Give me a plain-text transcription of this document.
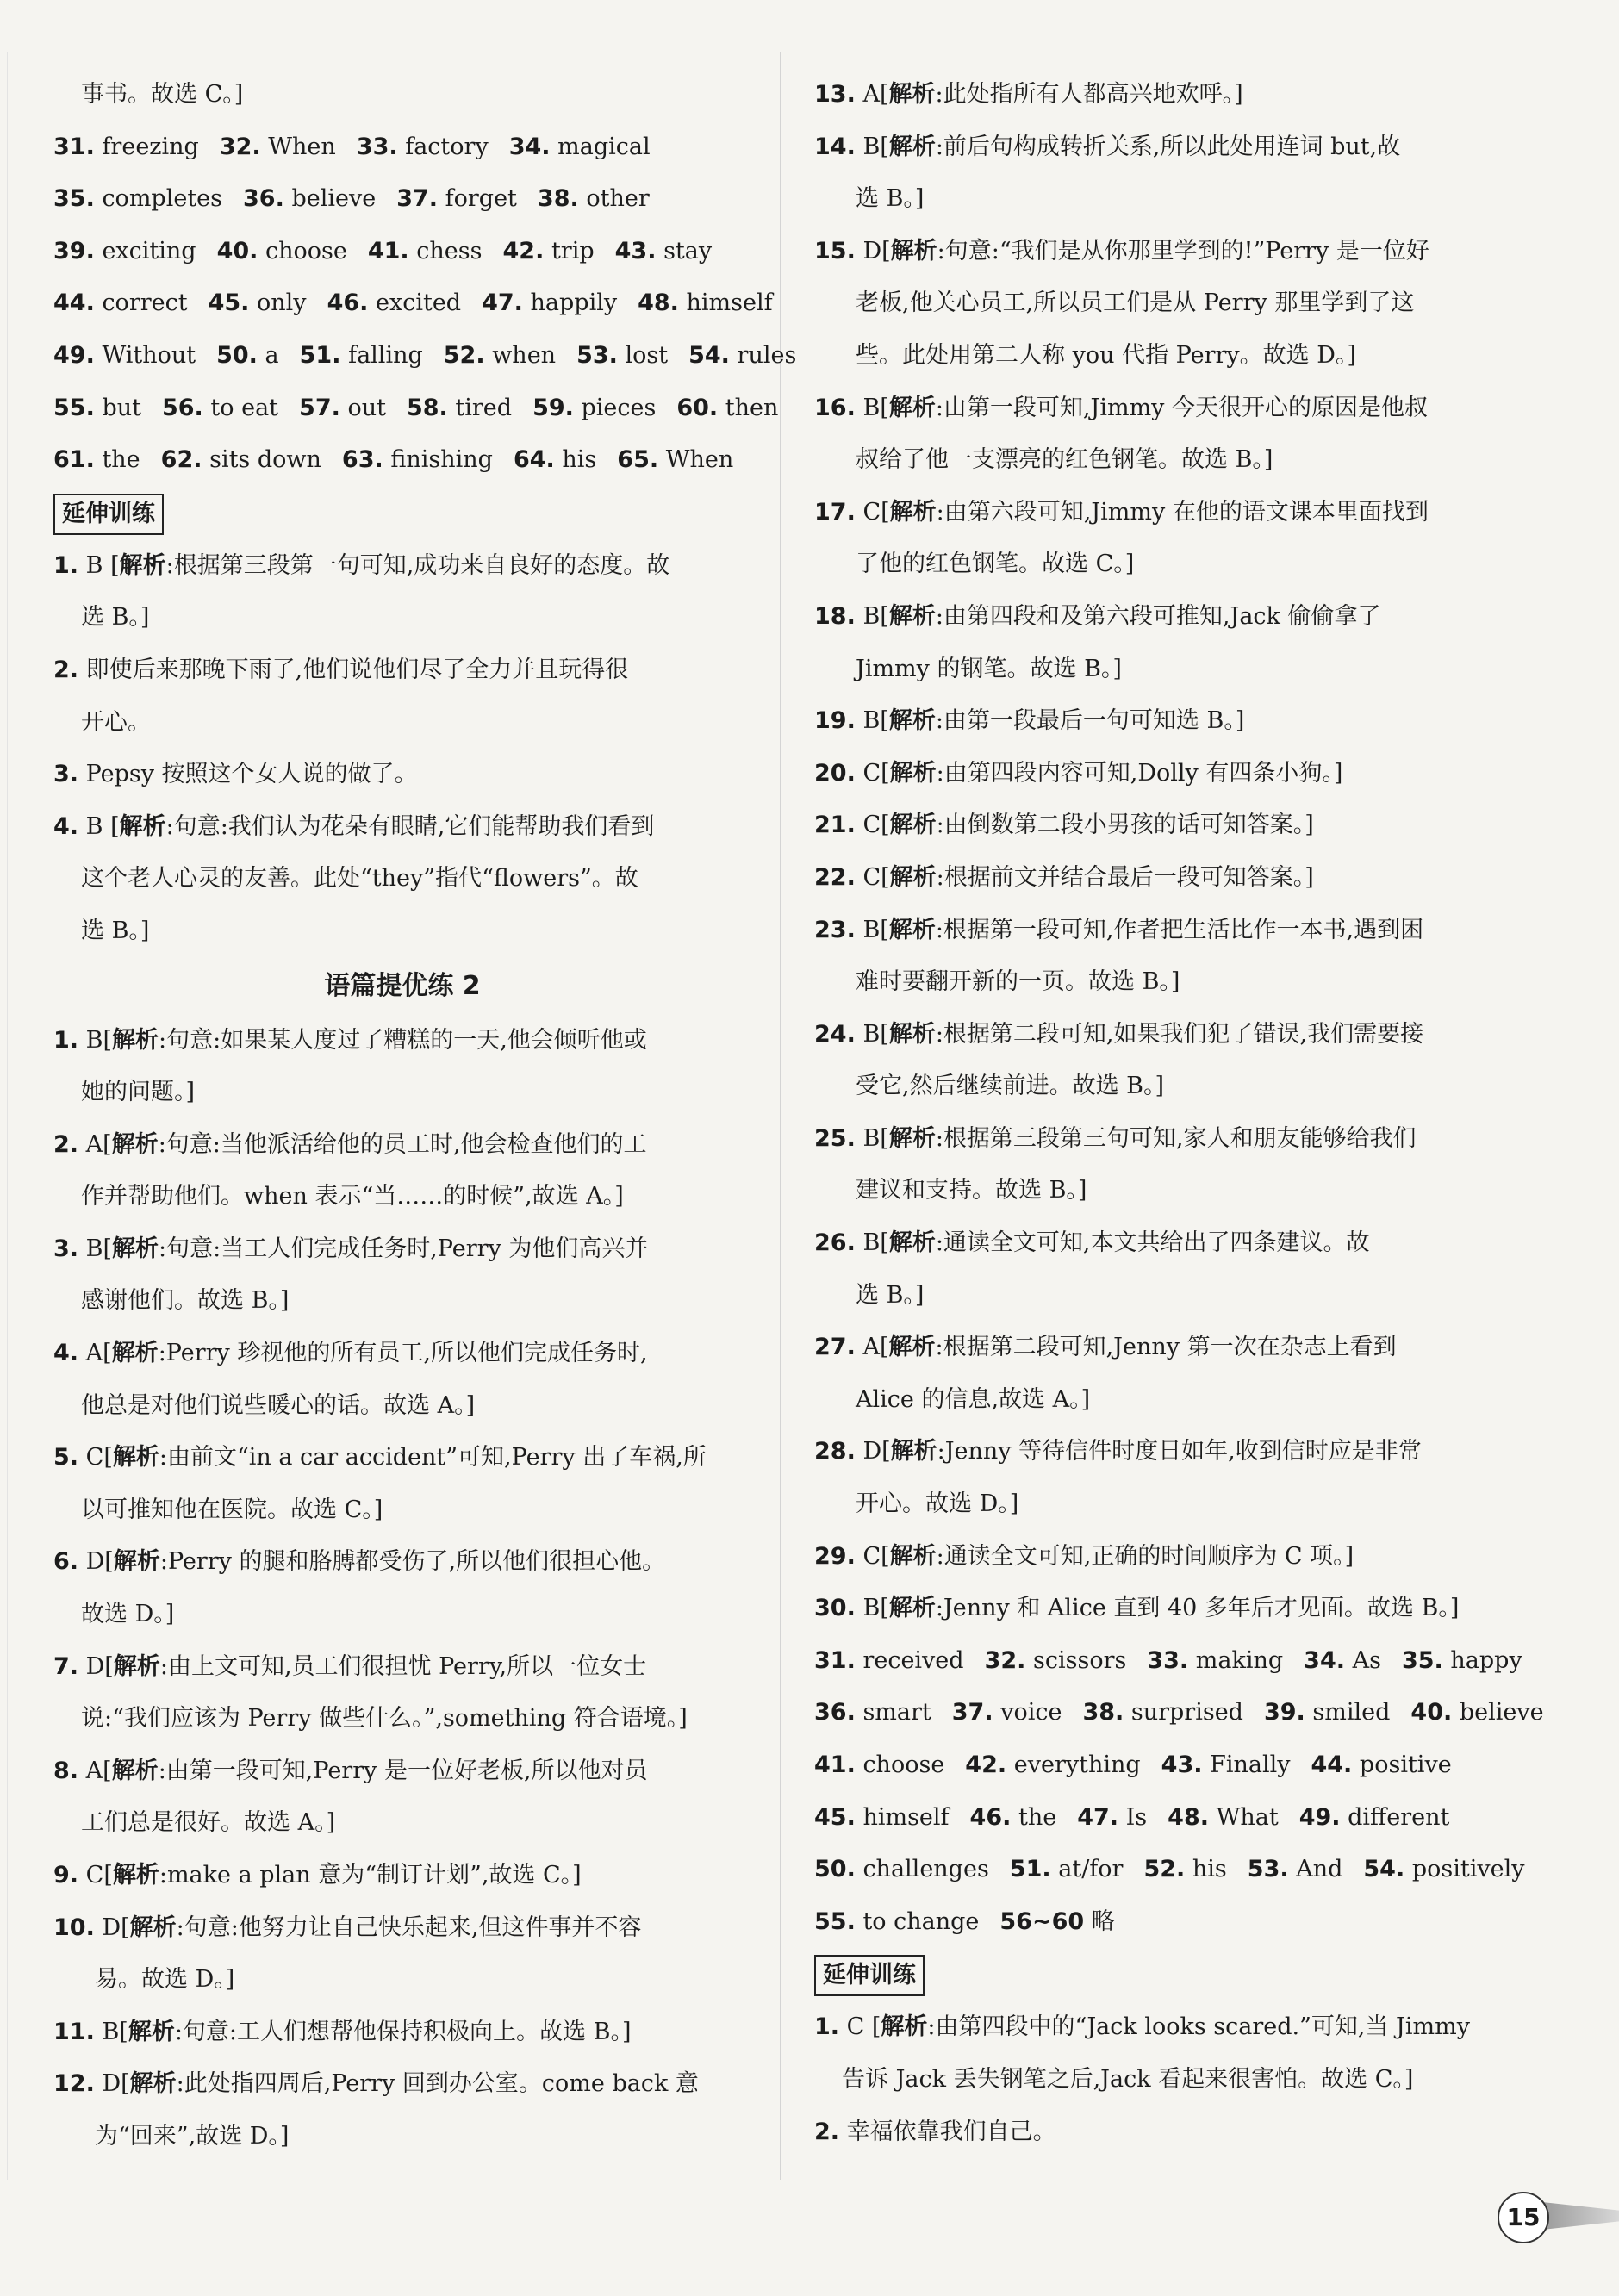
事书。故选 C。]

31. freezing 32. When 33. factory 34. magical

35. completes 36. believe 37. forget 38. other

39. exciting 40. choose 41. chess 42. trip 43. stay

44. correct 45. only 46. excited 47. happily 48. himself

49. Without 50. a 51. falling 52. when 53. lost 54. rules

55. but 56. to eat 57. out 58. tired 59. pieces 60. then

61. the 62. sits down 63. finishing 64. his 65. When

延伸训练

1. B [解析:根据第三段第一句可知,成功来自良好的态度。故

选 B。]

2. 即使后来那晚下雨了,他们说他们尽了全力并且玩得很

开心。

3. Pepsy 按照这个女人说的做了。

4. B [解析:句意:我们认为花朵有眼睛,它们能帮助我们看到

这个老人心灵的友善。此处“they”指代“flowers”。故

选 B。]

语篇提优练 2

1. B[解析:句意:如果某人度过了糟糕的一天,他会倾听他或

她的问题。]

2. A[解析:句意:当他派活给他的员工时,他会检查他们的工

作并帮助他们。when 表示“当……的时候”,故选 A。]

3. B[解析:句意:当工人们完成任务时,Perry 为他们高兴并

感谢他们。故选 B。]

4. A[解析:Perry 珍视他的所有员工,所以他们完成任务时,

他总是对他们说些暖心的话。故选 A。]

5. C[解析:由前文“in a car accident”可知,Perry 出了车祸,所

以可推知他在医院。故选 C。]

6. D[解析:Perry 的腿和胳膊都受伤了,所以他们很担心他。

故选 D。]

7. D[解析:由上文可知,员工们很担忧 Perry,所以一位女士

说:“我们应该为 Perry 做些什么。”,something 符合语境。]

8. A[解析:由第一段可知,Perry 是一位好老板,所以他对员

工们总是很好。故选 A。]

9. C[解析:make a plan 意为“制订计划”,故选 C。]

10. D[解析:句意:他努力让自己快乐起来,但这件事并不容

易。故选 D。]

11. B[解析:句意:工人们想帮他保持积极向上。故选 B。]

12. D[解析:此处指四周后,Perry 回到办公室。come back 意

为“回来”,故选 D。]

13. A[解析:此处指所有人都高兴地欢呼。]

14. B[解析:前后句构成转折关系,所以此处用连词 but,故

选 B。]

15. D[解析:句意:“我们是从你那里学到的!”Perry 是一位好

老板,他关心员工,所以员工们是从 Perry 那里学到了这

些。此处用第二人称 you 代指 Perry。故选 D。]

16. B[解析:由第一段可知,Jimmy 今天很开心的原因是他叔

叔给了他一支漂亮的红色钢笔。故选 B。]

17. C[解析:由第六段可知,Jimmy 在他的语文课本里面找到

了他的红色钢笔。故选 C。]

18. B[解析:由第四段和及第六段可推知,Jack 偷偷拿了

Jimmy 的钢笔。故选 B。]

19. B[解析:由第一段最后一句可知选 B。]

20. C[解析:由第四段内容可知,Dolly 有四条小狗。]

21. C[解析:由倒数第二段小男孩的话可知答案。]

22. C[解析:根据前文并结合最后一段可知答案。]

23. B[解析:根据第一段可知,作者把生活比作一本书,遇到困

难时要翻开新的一页。故选 B。]

24. B[解析:根据第二段可知,如果我们犯了错误,我们需要接

受它,然后继续前进。故选 B。]

25. B[解析:根据第三段第三句可知,家人和朋友能够给我们

建议和支持。故选 B。]

26. B[解析:通读全文可知,本文共给出了四条建议。故

选 B。]

27. A[解析:根据第二段可知,Jenny 第一次在杂志上看到

Alice 的信息,故选 A。]

28. D[解析:Jenny 等待信件时度日如年,收到信时应是非常

开心。故选 D。]

29. C[解析:通读全文可知,正确的时间顺序为 C 项。]

30. B[解析:Jenny 和 Alice 直到 40 多年后才见面。故选 B。]

31. received 32. scissors 33. making 34. As 35. happy

36. smart 37. voice 38. surprised 39. smiled 40. believe

41. choose 42. everything 43. Finally 44. positive

45. himself 46. the 47. Is 48. What 49. different

50. challenges 51. at/for 52. his 53. And 54. positively

55. to change 56~60 略

延伸训练

1. C [解析:由第四段中的“Jack looks scared.”可知,当 Jimmy

告诉 Jack 丢失钢笔之后,Jack 看起来很害怕。故选 C。]

2. 幸福依靠我们自己。

15
